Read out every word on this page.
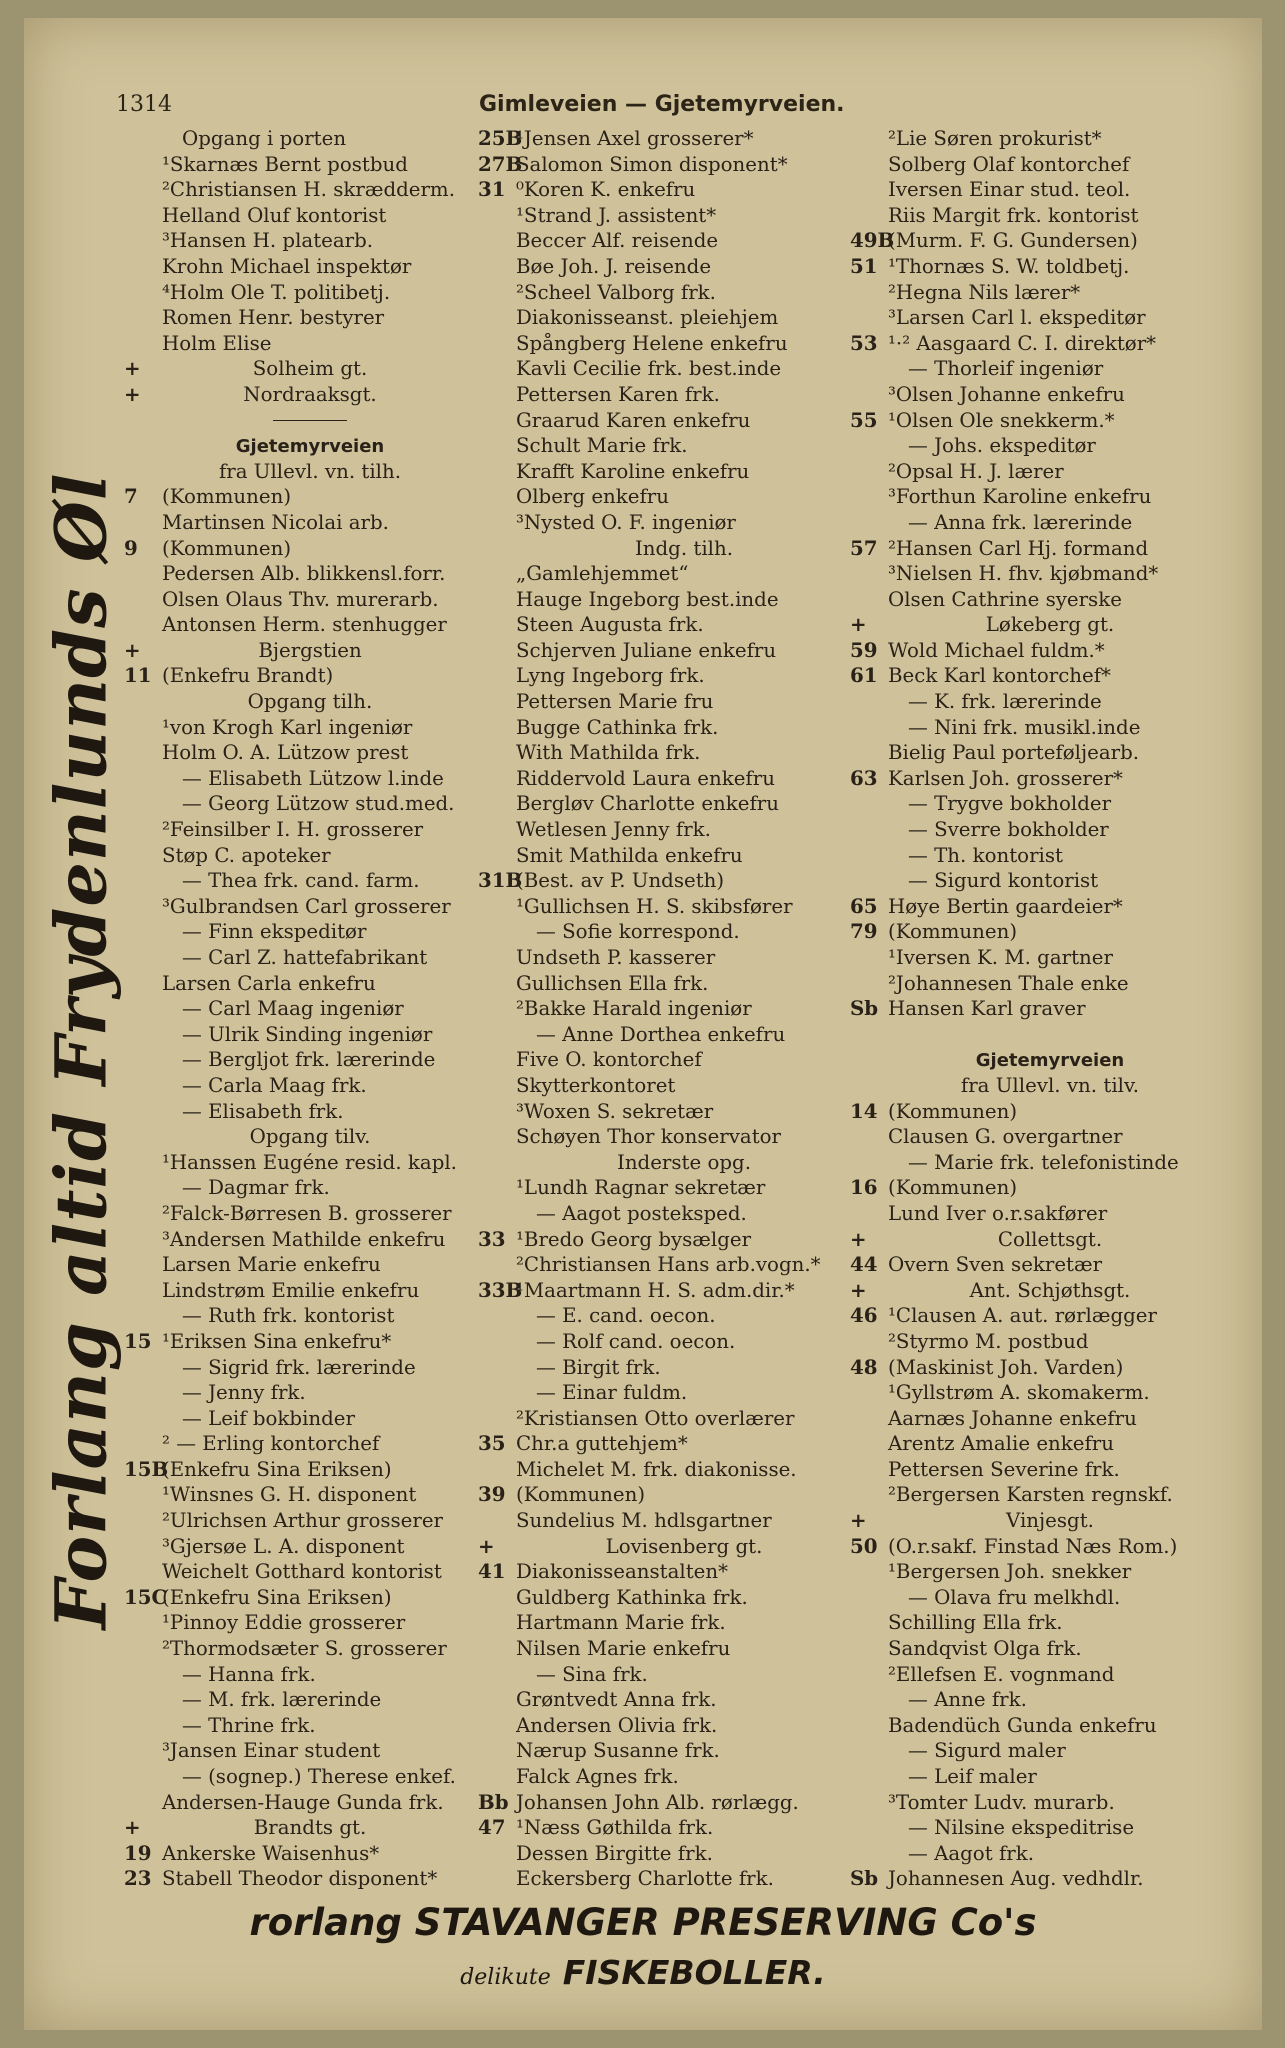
1314	Gimleveien — Gjetemyrveien.
Forlang altid Frydenlunds Øl
Opgang i porten
¹Skarnæs Bernt postbud
²Christiansen H. skrædderm.
Helland Oluf kontorist
³Hansen H. platearb.
Krohn Michael inspektør
⁴Holm Ole T. politibetj.
Romen Henr. bestyrer
Holm Elise
+	Solheim gt.
+	Nordraaksgt.
Gjetemyrveien
fra Ullevl. vn. tilh.
7 (Kommunen)
Martinsen Nicolai arb.
9 (Kommunen)
Pedersen Alb. blikkensl.forr.
Olsen Olaus Thv. murerarb.
Antonsen Herm. stenhugger
+	Bjergstien
11 (Enkefru Brandt)
Opgang tilh.
¹von Krogh Karl ingeniør
Holm O. A. Lützow prest
— Elisabeth Lützow l.inde
— Georg Lützow stud.med.
²Feinsilber I. H. grosserer
Støp C. apoteker
— Thea frk. cand. farm.
³Gulbrandsen Carl grosserer
— Finn ekspeditør
— Carl Z. hattefabrikant
Larsen Carla enkefru
— Carl Maag ingeniør
— Ulrik Sinding ingeniør
— Bergljot frk. lærerinde
— Carla Maag frk.
— Elisabeth frk.
Opgang tilv.
¹Hanssen Eugéne resid. kapl.
— Dagmar frk.
²Falck-Børresen B. grosserer
³Andersen Mathilde enkefru
Larsen Marie enkefru
Lindstrøm Emilie enkefru
— Ruth frk. kontorist
15 ¹Eriksen Sina enkefru*
— Sigrid frk. lærerinde
— Jenny frk.
— Leif bokbinder
² — Erling kontorchef
15B(Enkefru Sina Eriksen)
¹Winsnes G. H. disponent
²Ulrichsen Arthur grosserer
³Gjersøe L. A. disponent
Weichelt Gotthard kontorist
15C(Enkefru Sina Eriksen)
¹Pinnoy Eddie grosserer
²Thormodsæter S. grosserer
— Hanna frk.
— M. frk. lærerinde
— Thrine frk.
³Jansen Einar student
— (sognep.) Therese enkef.
Andersen-Hauge Gunda frk.
+	Brandts gt.
19 Ankerske Waisenhus*
23 Stabell Theodor disponent*
25B¹Jensen Axel grosserer*
27BSalomon Simon disponent*
31 ⁰Koren K. enkefru
¹Strand J. assistent*
Beccer Alf. reisende
Bøe Joh. J. reisende
²Scheel Valborg frk.
Diakonisseanst. pleiehjem
Spångberg Helene enkefru
Kavli Cecilie frk. best.inde
Pettersen Karen frk.
Graarud Karen enkefru
Schult Marie frk.
Krafft Karoline enkefru
Olberg enkefru
³Nysted O. F. ingeniør
Indg. tilh.
„Gamlehjemmet“
Hauge Ingeborg best.inde
Steen Augusta frk.
Schjerven Juliane enkefru
Lyng Ingeborg frk.
Pettersen Marie fru
Bugge Cathinka frk.
With Mathilda frk.
Riddervold Laura enkefru
Bergløv Charlotte enkefru
Wetlesen Jenny frk.
Smit Mathilda enkefru
31B(Best. av P. Undseth)
¹Gullichsen H. S. skibsfører
— Sofie korrespond.
Undseth P. kasserer
Gullichsen Ella frk.
²Bakke Harald ingeniør
— Anne Dorthea enkefru
Five O. kontorchef
Skytterkontoret
³Woxen S. sekretær
Schøyen Thor konservator
Inderste opg.
¹Lundh Ragnar sekretær
— Aagot posteksped.
33 ¹Bredo Georg bysælger
²Christiansen Hans arb.vogn.*
33B¹Maartmann H. S. adm.dir.*
— E. cand. oecon.
— Rolf cand. oecon.
— Birgit frk.
— Einar fuldm.
²Kristiansen Otto overlærer
35 Chr.a guttehjem*
Michelet M. frk. diakonisse.
39 (Kommunen)
Sundelius M. hdlsgartner
+	Lovisenberg gt.
41 Diakonisseanstalten*
Guldberg Kathinka frk.
Hartmann Marie frk.
Nilsen Marie enkefru
— Sina frk.
Grøntvedt Anna frk.
Andersen Olivia frk.
Nærup Susanne frk.
Falck Agnes frk.
Bb Johansen John Alb. rørlægg.
47 ¹Næss Gøthilda frk.
Dessen Birgitte frk.
Eckersberg Charlotte frk.
²Lie Søren prokurist*
Solberg Olaf kontorchef
Iversen Einar stud. teol.
Riis Margit frk. kontorist
49B(Murm. F. G. Gundersen)
51 ¹Thornæs S. W. toldbetj.
²Hegna Nils lærer*
³Larsen Carl l. ekspeditør
53 ¹·² Aasgaard C. I. direktør*
— Thorleif ingeniør
³Olsen Johanne enkefru
55 ¹Olsen Ole snekkerm.*
— Johs. ekspeditør
²Opsal H. J. lærer
³Forthun Karoline enkefru
— Anna frk. lærerinde
57 ²Hansen Carl Hj. formand
³Nielsen H. fhv. kjøbmand*
Olsen Cathrine syerske
+	Løkeberg gt.
59 Wold Michael fuldm.*
61 Beck Karl kontorchef*
— K. frk. lærerinde
— Nini frk. musikl.inde
Bielig Paul porteføljearb.
63 Karlsen Joh. grosserer*
— Trygve bokholder
— Sverre bokholder
— Th. kontorist
— Sigurd kontorist
65 Høye Bertin gaardeier*
79 (Kommunen)
¹Iversen K. M. gartner
²Johannesen Thale enke
Sb Hansen Karl graver
Gjetemyrveien
fra Ullevl. vn. tilv.
14 (Kommunen)
Clausen G. overgartner
— Marie frk. telefonistinde
16 (Kommunen)
Lund Iver o.r.sakfører
+	Collettsgt.
44 Overn Sven sekretær
+	Ant. Schjøthsgt.
46 ¹Clausen A. aut. rørlægger
²Styrmo M. postbud
48 (Maskinist Joh. Varden)
¹Gyllstrøm A. skomakerm.
Aarnæs Johanne enkefru
Arentz Amalie enkefru
Pettersen Severine frk.
²Bergersen Karsten regnskf.
+	Vinjesgt.
50 (O.r.sakf. Finstad Næs Rom.)
¹Bergersen Joh. snekker
— Olava fru melkhdl.
Schilling Ella frk.
Sandqvist Olga frk.
²Ellefsen E. vognmand
— Anne frk.
Badendüch Gunda enkefru
— Sigurd maler
— Leif maler
³Tomter Ludv. murarb.
— Nilsine ekspeditrise
— Aagot frk.
Sb Johannesen Aug. vedhdlr.
rorlang STAVANGER PRESERVING Co's
delikute FISKEBOLLER.
